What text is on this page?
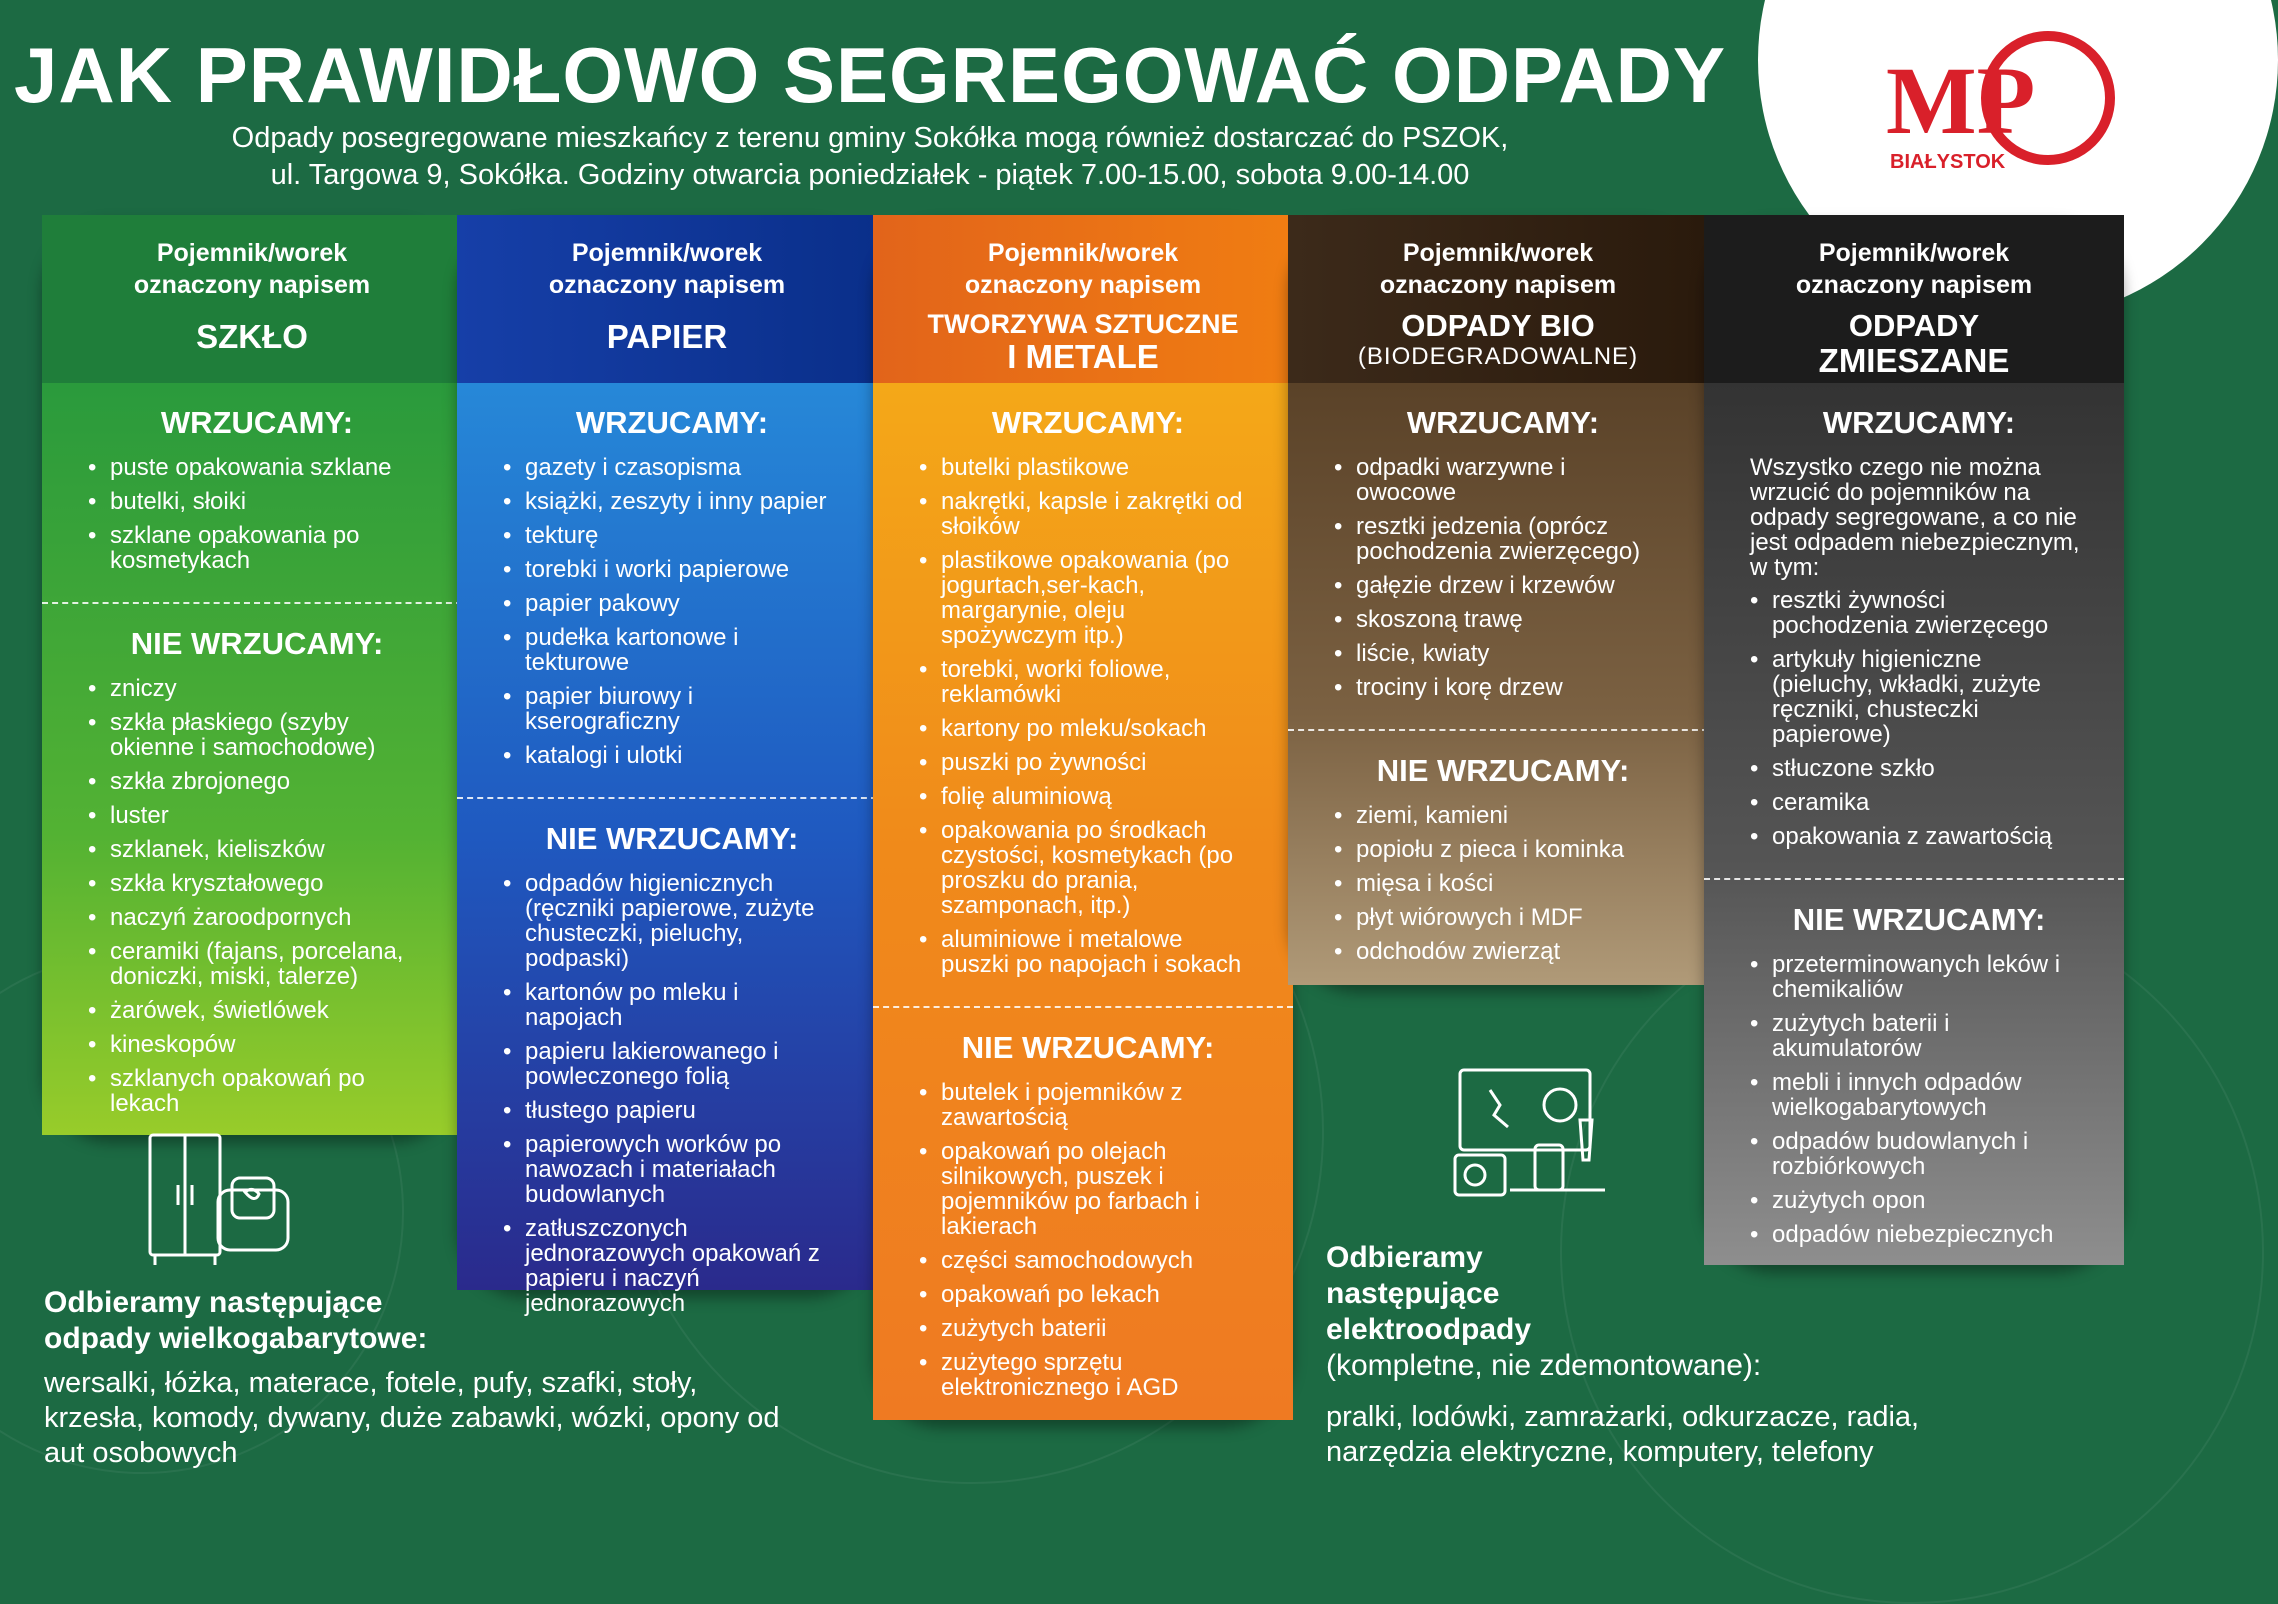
MP
BIAŁYSTOK
JAK PRAWIDŁOWO SEGREGOWAĆ ODPADY
Odpady posegregowane mieszkańcy z terenu gminy Sokółka mogą również dostarczać do PSZOK,
ul. Targowa 9, Sokółka. Godziny otwarcia poniedziałek - piątek 7.00-15.00, sobota 9.00-14.00
Pojemnik/worek
oznaczony napisem
SZKŁO
WRZUCAMY:
• puste opakowania szklane
• butelki, słoiki
• szklane opakowania po kosmetykach
NIE WRZUCAMY:
• zniczy
• szkła płaskiego (szyby okienne i samochodowe)
• szkła zbrojonego
• luster
• szklanek, kieliszków
• szkła kryształowego
• naczyń żaroodpornych
• ceramiki (fajans, porcelana, doniczki, miski, talerze)
• żarówek, świetlówek
• kineskopów
• szklanych opakowań po lekach
Pojemnik/worek
oznaczony napisem
PAPIER
WRZUCAMY:
• gazety i czasopisma
• książki, zeszyty i inny papier
• tekturę
• torebki i worki papierowe
• papier pakowy
• pudełka kartonowe i tekturowe
• papier biurowy i kserograficzny
• katalogi i ulotki
NIE WRZUCAMY:
• odpadów higienicznych (ręczniki papierowe, zużyte chusteczki, pieluchy, podpaski)
• kartonów po mleku i napojach
• papieru lakierowanego i powleczonego folią
• tłustego papieru
• papierowych worków po nawozach i materiałach budowlanych
• zatłuszczonych jednorazowych opakowań z papieru i naczyń jednorazowych
Pojemnik/worek
oznaczony napisem
TWORZYWA SZTUCZNE
I METALE
WRZUCAMY:
• butelki plastikowe
• nakrętki, kapsle i zakrętki od słoików
• plastikowe opakowania (po jogurtach,ser-kach, margarynie, oleju spożywczym itp.)
• torebki, worki foliowe, reklamówki
• kartony po mleku/sokach
• puszki po żywności
• folię aluminiową
• opakowania po środkach czystości, kosmetykach (po proszku do prania, szamponach, itp.)
• aluminiowe i metalowe puszki po napojach i sokach
NIE WRZUCAMY:
• butelek i pojemników z zawartością
• opakowań po olejach silnikowych, puszek i pojemników po farbach i lakierach
• części samochodowych
• opakowań po lekach
• zużytych baterii
• zużytego sprzętu elektronicznego i AGD
Pojemnik/worek
oznaczony napisem
ODPADY BIO
(BIODEGRADOWALNE)
WRZUCAMY:
• odpadki warzywne i owocowe
• resztki jedzenia (oprócz pochodzenia zwierzęcego)
• gałęzie drzew i krzewów
• skoszoną trawę
• liście, kwiaty
• trociny i korę drzew
NIE WRZUCAMY:
• ziemi, kamieni
• popiołu z pieca i kominka
• mięsa i kości
• płyt wiórowych i MDF
• odchodów zwierząt
Pojemnik/worek
oznaczony napisem
ODPADY
ZMIESZANE
WRZUCAMY:

Wszystko czego nie można wrzucić do pojemników na odpady segregowane, a co nie jest odpadem niebezpiecznym, w tym:

• resztki żywności pochodzenia zwierzęcego
• artykuły higieniczne (pieluchy, wkładki, zużyte ręczniki, chusteczki papierowe)
• stłuczone szkło
• ceramika
• opakowania z zawartością
NIE WRZUCAMY:
• przeterminowanych leków i chemikaliów
• zużytych baterii i akumulatorów
• mebli i innych odpadów wielkogabarytowych
• odpadów budowlanych i rozbiórkowych
• zużytych opon
• odpadów niebezpiecznych
Odbieramy następujące
odpady wielkogabarytowe:
wersalki, łóżka, materace, fotele, pufy, szafki, stoły, krzesła, komody, dywany, duże zabawki, wózki, opony od aut osobowych
Odbieramy
następujące
elektroodpady
(kompletne, nie zdemontowane):
pralki, lodówki, zamrażarki, odkurzacze, radia, narzędzia elektryczne, komputery, telefony
